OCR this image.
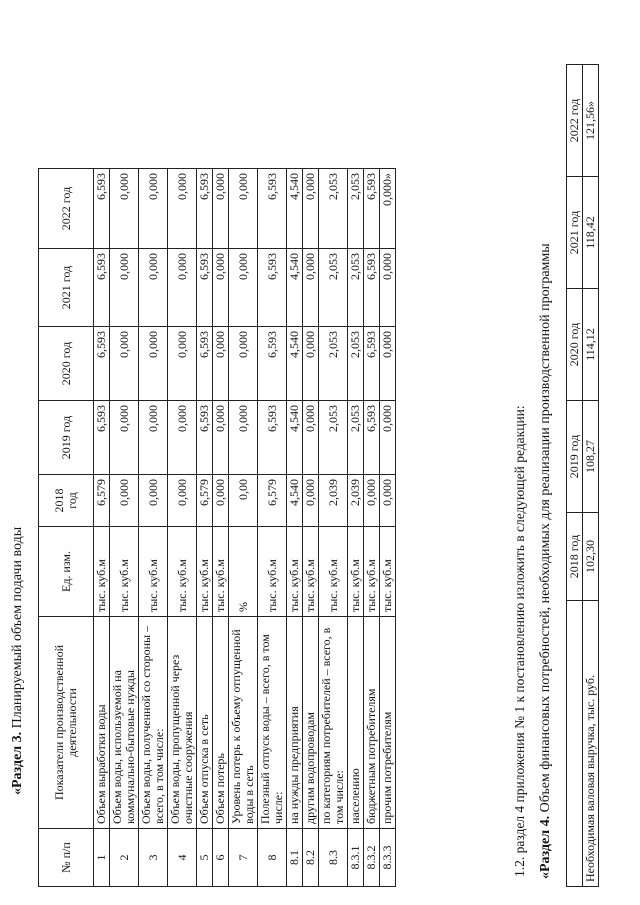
«Раздел 3. Планируемый объем подачи воды
№ п/п	Показатели производственной деятельности	Ед. изм.	2018 год	2019 год	2020 год	2021 год	2022 год
1	Объем выработки воды	тыс. куб.м	6,579	6,593	6,593	6,593	6,593
2	Объем воды, используемой на коммунально-бытовые нужды	тыс. куб.м	0,000	0,000	0,000	0,000	0,000
3	Объем воды, полученной со стороны – всего, в том числе:	тыс. куб.м	0,000	0,000	0,000	0,000	0,000
4	Объем воды, пропущенной через очистные сооружения	тыс. куб.м	0,000	0,000	0,000	0,000	0,000
5	Объем отпуска в сеть	тыс. куб.м	6,579	6,593	6,593	6,593	6,593
6	Объем потерь	тыс. куб.м	0,000	0,000	0,000	0,000	0,000
7	Уровень потерь к объему отпущенной воды в сеть	%	0,00	0,000	0,000	0,000	0,000
8	Полезный отпуск воды – всего, в том числе:	тыс. куб.м	6,579	6,593	6,593	6,593	6,593
8.1	на нужды предприятия	тыс. куб.м	4,540	4,540	4,540	4,540	4,540
8.2	другим водопроводам	тыс. куб.м	0,000	0,000	0,000	0,000	0,000
8.3	по категориям потребителей – всего, в том числе:	тыс. куб.м	2,039	2,053	2,053	2,053	2,053
8.3.1	населению	тыс. куб.м	2,039	2,053	2,053	2,053	2,053
8.3.2	бюджетным потребителям	тыс. куб.м	0,000	6,593	6,593	6,593	6,593
8.3.3	прочим потребителям	тыс. куб.м	0,000	0,000	0,000	0,000	0,000»
1.2. раздел 4 приложения № 1 к постановлению изложить в следующей редакции: «Раздел 4. Объем финансовых потребностей, необходимых для реализации производственной программы
	2018 год	2019 год	2020 год	2021 год	2022 год
Необходимая валовая выручка, тыс. руб.	102,30	108,27	114,12	118,42	121,56»
